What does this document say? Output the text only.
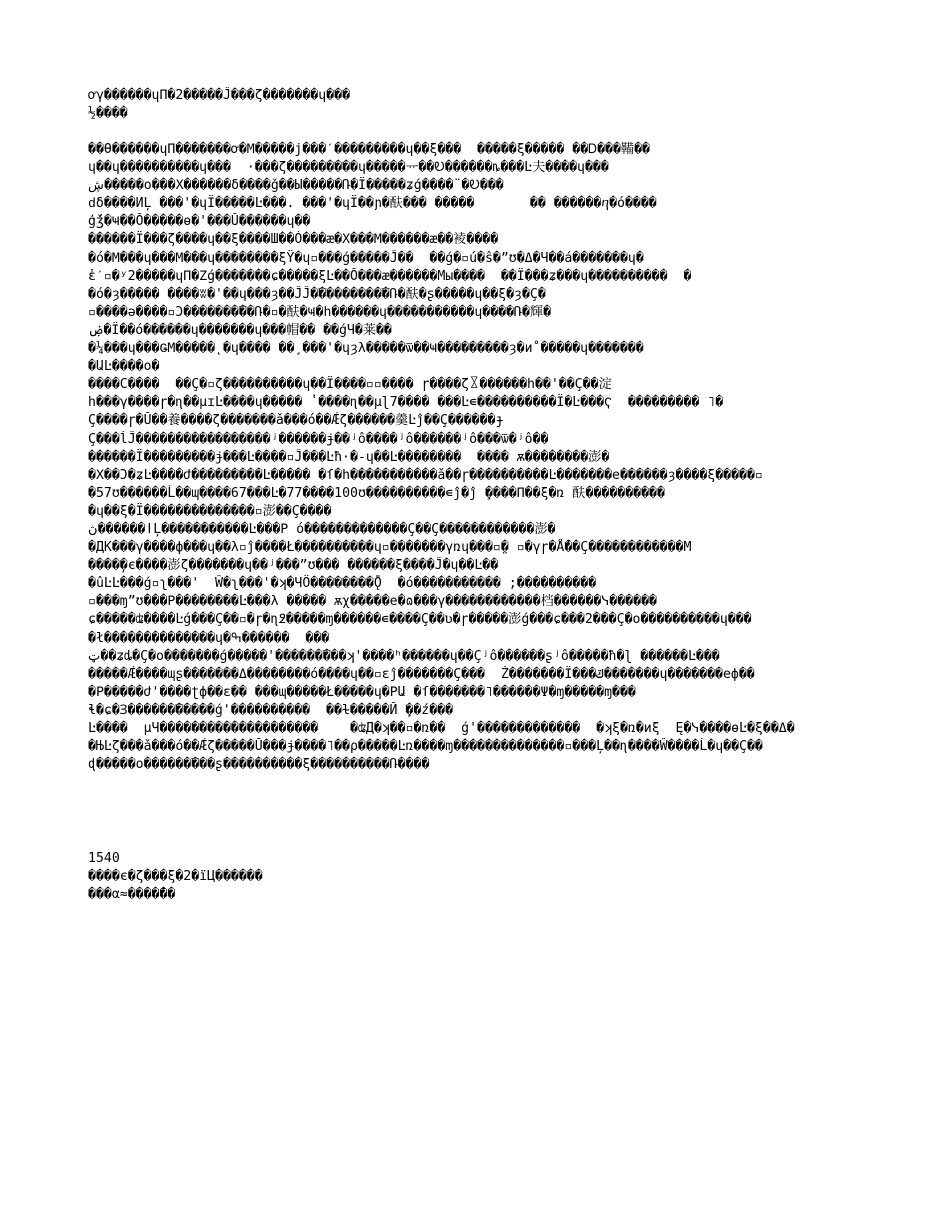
ơγ������ɥΠ�2�����Ĵ���ζ�������ɥ���
½����
��Ѳ������ɥΠ�������ơ�Μ�����ϳ���ˊ���������ɥ��ξ���  �����ξ����� ��Ꭰ���鞴��
ɥ��ɥ����������ɥ���  ·���ζ���������ɥ�����ᅲ��Ꭷ������ȵ���Ŀ夫����ɥ���
ڜ�����ο���Χ������δ����ǧ��Ы�����Ռ�Ϊ�����ʑǵ����¨�Ꭷ���
ԁδ����ИĻ ���'�ɥΪ�����Ŀ���. ���'�ɥΪ��ɲ�酜��� �����       �� ������ⴄ�ó����
ģ́ǯ�Ҹ��Ŏ�����ɵ�'���Ŭ������ɥ��
������Ϊ���ζ����ɥ��ξ����Ш��Ó���æ�Χ���Μ������æ��裬����
�ó�Μ���ɥ���Μ���ɥ��������ξŸ�ɥ▫���ǵ�����Ĵ��  ��ǵ�▫ú�ŝ�”ʊ�Δ�Ч��á�������ɥ�
ἐˊ▫�ʸ2�����ɥΠ�Ζǵ�������ɕ�����ξĿ��Ŏ���æ������Мы����  ��Ϊ���ʑ���ɥ����������  �
�ó�ȝ����� ����ʬ�'��ɥ���ȝ��ĴĴ�̅��������̅�Ռ�酜�ʂ�����ɥ��ξ�ȝ�Ç�
▫����ǝ����▫Ɔ�������̅��Ռ�▫�酜�Ҹ�հ������ɥ�����������ɥ����Ռ�輝�
ۻ�Ϊ��ó������ɥ�������ɥ���帽�� ��ǵЧ�莱��
�¼���ɥ���ǤΜ�����˛�ɥ���� ��̧ ���'�ɥȝλ�����ѿ��Ҹ���������ȝ�и˚�����ɥ�������
�ԱĿ����ο�
����С����  ��Ç�▫ζ����������ɥ��Ϊ����▫▫���� ɼ����ζ꒾������һ��'��Ç��淀
հ���γ����ɼ�ɳ��μɪĿ����ɥ����� ʽ����ɳ��μɭ7���� ���Ŀ∊����������Ϊ�Ŀ���Ҁ  ��������� ˥�
Ç����ɼ�Ŭ��養����ζ�������ǎ���ó��Ǽζ������羹Ŀĵ��Ç������ɟ
Ç���ĺĴ�����������������ʲ������ɉ��ʲô����ʲô������ʲô���ѿ�ʲô��
������Ϊ���������ɉ���Ŀ����▫Ĵ���Ŀħ·�-ɥ��Ŀ��������  ���� ѫ��������澎�
�Χ��Ɔ�ʑĿ����ժ���������Ŀ����� �ſ�հ�����������ǎ��ɼ����������Ŀ�������е������ȝ����ξ�����▫
�57ʊ������Ĺ��ɰ����67���Ŀ�77����100ʊ����������∊ĵ�ĵ ̧����Π��ξ�ռ 酜����������
�ɥ��ξ�Ϊ��������������▫澎��Ç����
ڽ������ǀĻ�����������Ŀ���Ρ ó�������������Ç��Ç������������澎�
�ДК���γ����ф���ɥ��λ▫ĵ����Ł����������ɥ▫�������γռɥ���▫̤� ▫�γɼ�Ǻ��Ç������������М
����̦�є����澎ζ�������ɥ��ʲ���”ʊ��� ������ξ����Ĵ�ɥ��Ŀ��
�ûĿĿ���ǵ▫ʅ���'  Ŵ�ʅ���'�ʞ�ЧӦ��������Ǭ  �ó����������� ;����������
▫���ɱ”ʊ���Ρ��������Ŀ���λ ����� ѫχ�����е�ɷ���γ������������档������ᓭ������
ɕ�����ʥ����Ŀǵ���Ç��▫�ɼ�ɳ߶�����ɱ������∊����Ç��ʋ�ɼ�����澎ǵ���ɕ���2���Ç�ο����������ɥ���
�ł��������������ɥ�ߒ������  ���
ټ��ʑȡ�Ç�ο�������ǵ�����'������̅���ʞ'����ʰ������ɥ��Çʲô������ʂʲô�����ħ�ɭ ������Ŀ���
�����Ǽ����ɰʂ�������Δ��������ó����ɥ��▫ɛĵ�������Ç���  Ż�������Ϊ���ݿ�������ɥ�������еф��
�Ρ�����ժ'����ʈф��ɛ�� ���ɰ�����Ł�����ɥ�ΡԱ �ſ�������˥������Ψ�ɱ�����ɱ���
ɬ�ɕ�Ɜ������̅�����ǵ'����������  ��ɫ�����Й ̧��ź���
Ŀ����  μЧ��������������������    �ʥД�ʞ��▫�ռ��  ǵ'�������������  �ʞξ�ռ�иξ  Ę�ᓭ����ɵĿ�ξ��Δ�
�ЊĿζ���ǎ���ó��Ǽζ�����Ŭ���ɉ����˥��ρ�����Ŀռ����ɱ��������������▫���Ļ��ɳ����Ŵ����Ĺ�ɥ��Ç��
ɖ�����ο������̅���ʂ����������ξ����������Ռ����
1540
����є�ζ���ξ�2�ïЦ������
���α≈����̄��
